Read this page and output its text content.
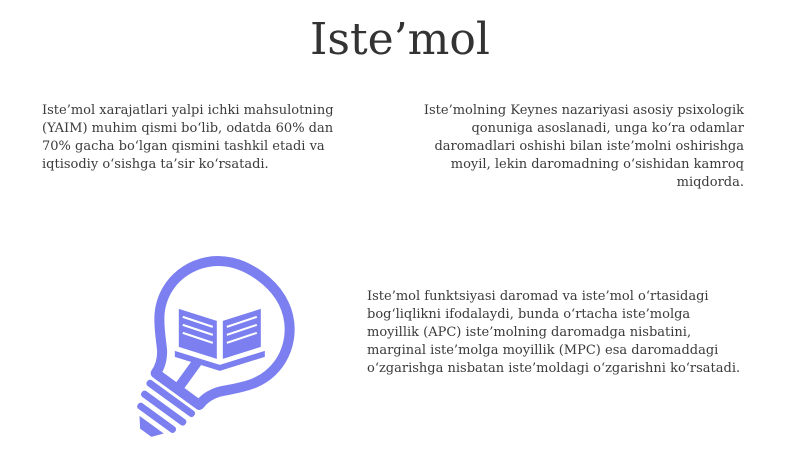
Iste’mol

Iste’mol xarajatlari yalpi ichki mahsulotning (YAIM) muhim qismi bo‘lib, odatda 60% dan 70% gacha bo‘lgan qismini tashkil etadi va iqtisodiy o‘sishga ta’sir ko‘rsatadi.

Iste’molning Keynes nazariyasi asosiy psixologik qonuniga asoslanadi, unga ko‘ra odamlar daromadlari oshishi bilan iste’molni oshirishga moyil, lekin daromadning o‘sishidan kamroq miqdorda.

Iste’mol funktsiyasi daromad va iste’mol o‘rtasidagi bog‘liqlikni ifodalaydi, bunda o‘rtacha iste’molga moyillik (APC) iste’molning daromadga nisbatini, marginal iste’molga moyillik (MPC) esa daromaddagi o‘zgarishga nisbatan iste’moldagi o‘zgarishni ko‘rsatadi.
